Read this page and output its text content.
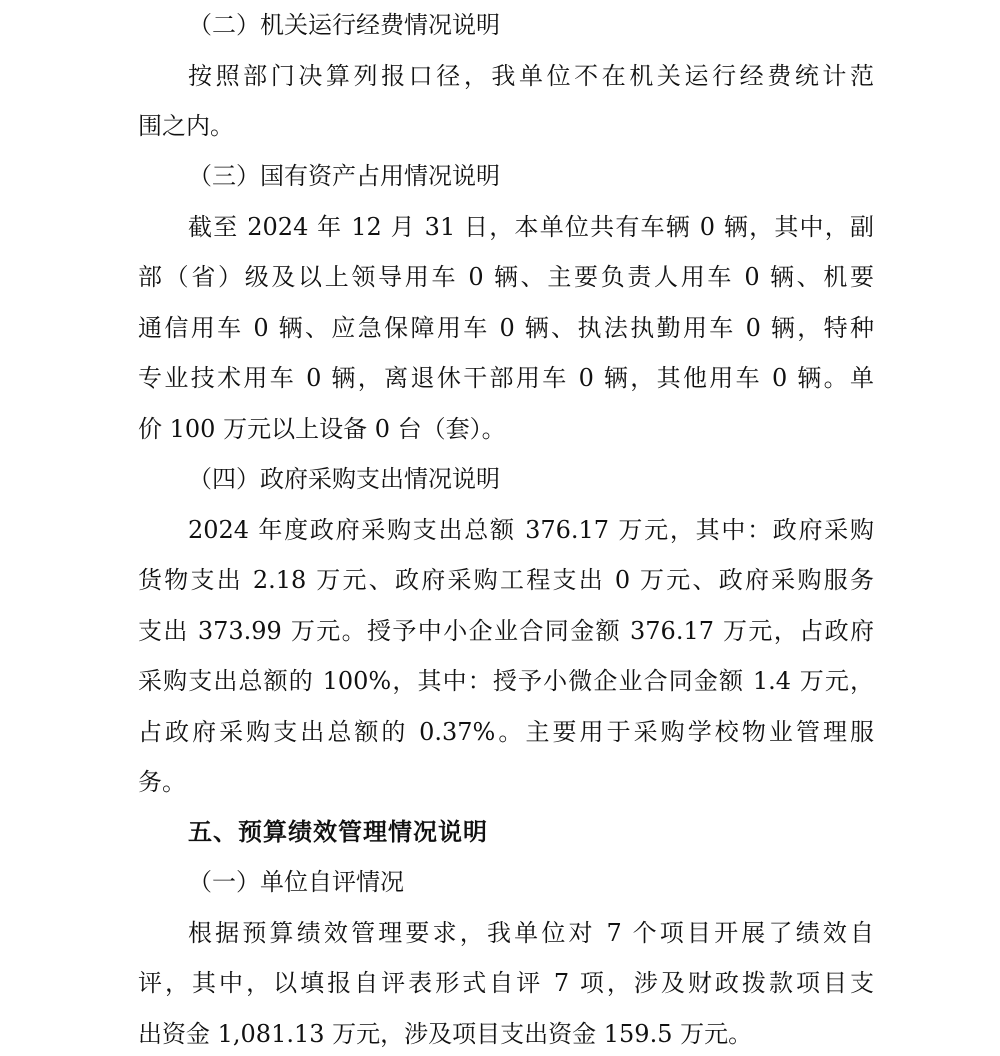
（二）机关运行经费情况说明
按照部门决算列报口径，我单位不在机关运行经费统计范
围之内。
（三）国有资产占用情况说明
截至 2024 年 12 月 31 日，本单位共有车辆 0 辆，其中，副
部（省）级及以上领导用车 0 辆、主要负责人用车 0 辆、机要
通信用车 0 辆、应急保障用车 0 辆、执法执勤用车 0 辆，特种
专业技术用车 0 辆，离退休干部用车 0 辆，其他用车 0 辆。单
价 100 万元以上设备 0 台（套）。
（四）政府采购支出情况说明
2024 年度政府采购支出总额 376.17 万元，其中：政府采购
货物支出 2.18 万元、政府采购工程支出 0 万元、政府采购服务
支出 373.99 万元。授予中小企业合同金额 376.17 万元，占政府
采购支出总额的 100%，其中：授予小微企业合同金额 1.4 万元，
占政府采购支出总额的 0.37%。主要用于采购学校物业管理服
务。
五、预算绩效管理情况说明
（一）单位自评情况
根据预算绩效管理要求，我单位对 7 个项目开展了绩效自
评，其中，以填报自评表形式自评 7 项，涉及财政拨款项目支
出资金 1,081.13 万元，涉及项目支出资金 159.5 万元。
